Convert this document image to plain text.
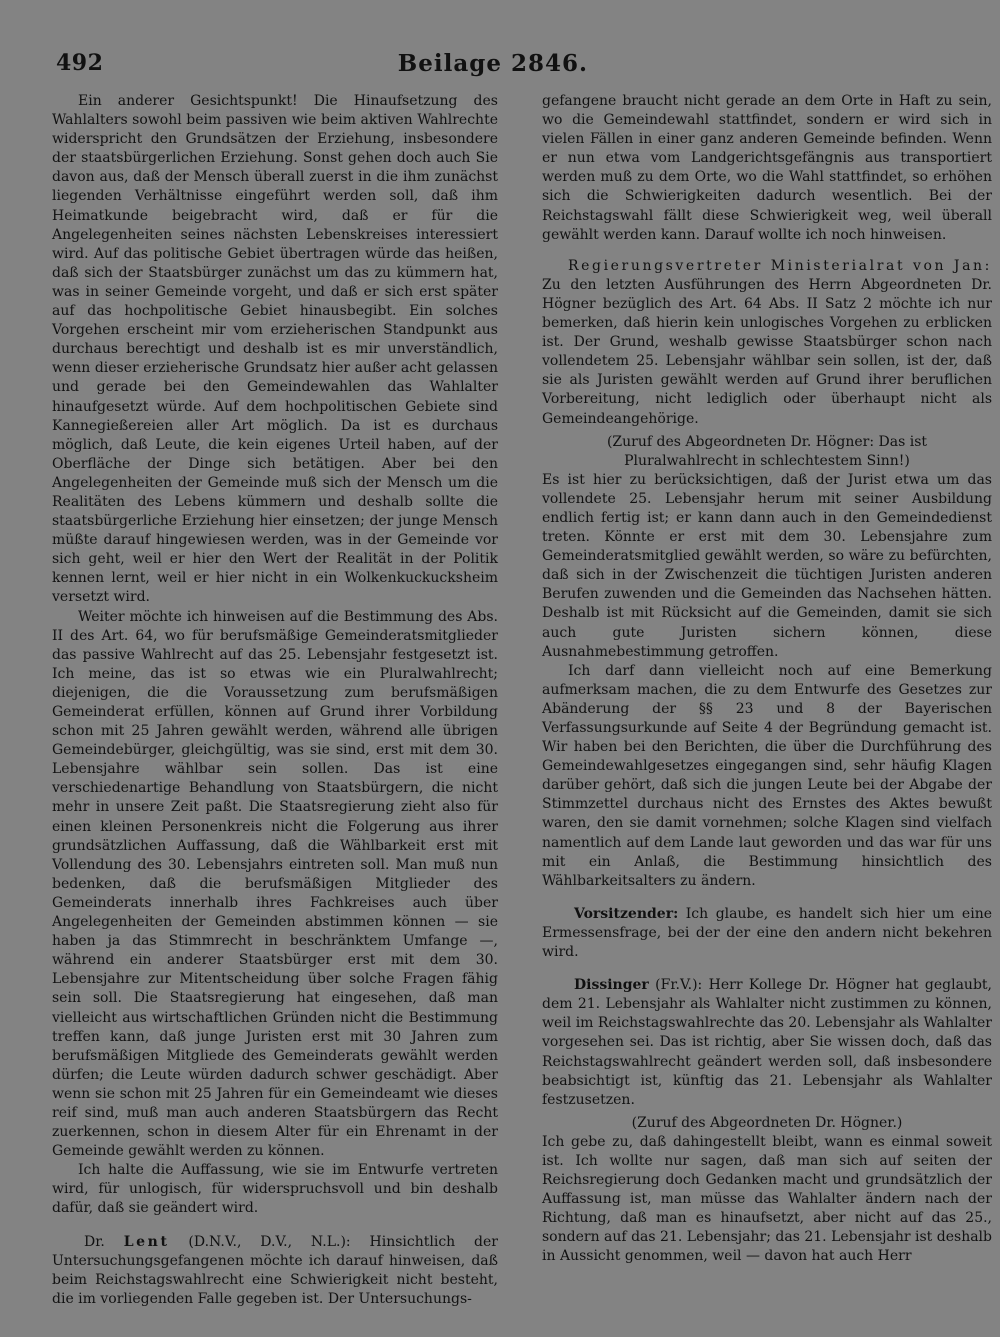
492	Beilage 2846.

Ein anderer Gesichtspunkt! Die Hinaufsetzung des Wahlalters sowohl beim passiven wie beim aktiven Wahlrechte widerspricht den Grundsätzen der Erziehung, insbesondere der staatsbürgerlichen Erziehung. Sonst gehen doch auch Sie davon aus, daß der Mensch überall zuerst in die ihm zunächst liegenden Verhältnisse eingeführt werden soll, daß ihm Heimatkunde beigebracht wird, daß er für die Angelegenheiten seines nächsten Lebenskreises interessiert wird. Auf das politische Gebiet übertragen würde das heißen, daß sich der Staatsbürger zunächst um das zu kümmern hat, was in seiner Gemeinde vorgeht, und daß er sich erst später auf das hochpolitische Gebiet hinausbegibt. Ein solches Vorgehen erscheint mir vom erzieherischen Standpunkt aus durchaus berechtigt und deshalb ist es mir unverständlich, wenn dieser erzieherische Grundsatz hier außer acht gelassen und gerade bei den Gemeindewahlen das Wahlalter hinaufgesetzt würde. Auf dem hochpolitischen Gebiete sind Kannegießereien aller Art möglich. Da ist es durchaus möglich, daß Leute, die kein eigenes Urteil haben, auf der Oberfläche der Dinge sich betätigen. Aber bei den Angelegenheiten der Gemeinde muß sich der Mensch um die Realitäten des Lebens kümmern und deshalb sollte die staatsbürgerliche Erziehung hier einsetzen; der junge Mensch müßte darauf hingewiesen werden, was in der Gemeinde vor sich geht, weil er hier den Wert der Realität in der Politik kennen lernt, weil er hier nicht in ein Wolkenkuckucksheim versetzt wird.

Weiter möchte ich hinweisen auf die Bestimmung des Abs. II des Art. 64, wo für berufsmäßige Gemeinderatsmitglieder das passive Wahlrecht auf das 25. Lebensjahr festgesetzt ist. Ich meine, das ist so etwas wie ein Pluralwahlrecht; diejenigen, die die Voraussetzung zum berufsmäßigen Gemeinderat erfüllen, können auf Grund ihrer Vorbildung schon mit 25 Jahren gewählt werden, während alle übrigen Gemeindebürger, gleichgültig, was sie sind, erst mit dem 30. Lebensjahre wählbar sein sollen. Das ist eine verschiedenartige Behandlung von Staatsbürgern, die nicht mehr in unsere Zeit paßt. Die Staatsregierung zieht also für einen kleinen Personenkreis nicht die Folgerung aus ihrer grundsätzlichen Auffassung, daß die Wählbarkeit erst mit Vollendung des 30. Lebensjahrs eintreten soll. Man muß nun bedenken, daß die berufsmäßigen Mitglieder des Gemeinderats innerhalb ihres Fachkreises auch über Angelegenheiten der Gemeinden abstimmen können — sie haben ja das Stimmrecht in beschränktem Umfange —, während ein anderer Staatsbürger erst mit dem 30. Lebensjahre zur Mitentscheidung über solche Fragen fähig sein soll. Die Staatsregierung hat eingesehen, daß man vielleicht aus wirtschaftlichen Gründen nicht die Bestimmung treffen kann, daß junge Juristen erst mit 30 Jahren zum berufsmäßigen Mitgliede des Gemeinderats gewählt werden dürfen; die Leute würden dadurch schwer geschädigt. Aber wenn sie schon mit 25 Jahren für ein Gemeindeamt wie dieses reif sind, muß man auch anderen Staatsbürgern das Recht zuerkennen, schon in diesem Alter für ein Ehrenamt in der Gemeinde gewählt werden zu können.

Ich halte die Auffassung, wie sie im Entwurfe vertreten wird, für unlogisch, für widerspruchsvoll und bin deshalb dafür, daß sie geändert wird.

Dr. Lent (D.N.V., D.V., N.L.): Hinsichtlich der Untersuchungsgefangenen möchte ich darauf hinweisen, daß beim Reichstagswahlrecht eine Schwierigkeit nicht besteht, die im vorliegenden Falle gegeben ist. Der Untersuchungs-

gefangene braucht nicht gerade an dem Orte in Haft zu sein, wo die Gemeindewahl stattfindet, sondern er wird sich in vielen Fällen in einer ganz anderen Gemeinde befinden. Wenn er nun etwa vom Landgerichtsgefängnis aus transportiert werden muß zu dem Orte, wo die Wahl stattfindet, so erhöhen sich die Schwierigkeiten dadurch wesentlich. Bei der Reichstagswahl fällt diese Schwierigkeit weg, weil überall gewählt werden kann. Darauf wollte ich noch hinweisen.

Regierungsvertreter Ministerialrat von Jan: Zu den letzten Ausführungen des Herrn Abgeordneten Dr. Högner bezüglich des Art. 64 Abs. II Satz 2 möchte ich nur bemerken, daß hierin kein unlogisches Vorgehen zu erblicken ist. Der Grund, weshalb gewisse Staatsbürger schon nach vollendetem 25. Lebensjahr wählbar sein sollen, ist der, daß sie als Juristen gewählt werden auf Grund ihrer beruflichen Vorbereitung, nicht lediglich oder überhaupt nicht als Gemeindeangehörige.

(Zuruf des Abgeordneten Dr. Högner: Das ist Pluralwahlrecht in schlechtestem Sinn!)

Es ist hier zu berücksichtigen, daß der Jurist etwa um das vollendete 25. Lebensjahr herum mit seiner Ausbildung endlich fertig ist; er kann dann auch in den Gemeindedienst treten. Könnte er erst mit dem 30. Lebensjahre zum Gemeinderatsmitglied gewählt werden, so wäre zu befürchten, daß sich in der Zwischenzeit die tüchtigen Juristen anderen Berufen zuwenden und die Gemeinden das Nachsehen hätten. Deshalb ist mit Rücksicht auf die Gemeinden, damit sie sich auch gute Juristen sichern können, diese Ausnahmebestimmung getroffen.

Ich darf dann vielleicht noch auf eine Bemerkung aufmerksam machen, die zu dem Entwurfe des Gesetzes zur Abänderung der §§ 23 und 8 der Bayerischen Verfassungsurkunde auf Seite 4 der Begründung gemacht ist. Wir haben bei den Berichten, die über die Durchführung des Gemeindewahlgesetzes eingegangen sind, sehr häufig Klagen darüber gehört, daß sich die jungen Leute bei der Abgabe der Stimmzettel durchaus nicht des Ernstes des Aktes bewußt waren, den sie damit vornehmen; solche Klagen sind vielfach namentlich auf dem Lande laut geworden und das war für uns mit ein Anlaß, die Bestimmung hinsichtlich des Wählbarkeitsalters zu ändern.

Vorsitzender: Ich glaube, es handelt sich hier um eine Ermessensfrage, bei der der eine den andern nicht bekehren wird.

Dissinger (Fr.V.): Herr Kollege Dr. Högner hat geglaubt, dem 21. Lebensjahr als Wahlalter nicht zustimmen zu können, weil im Reichstagswahlrechte das 20. Lebensjahr als Wahlalter vorgesehen sei. Das ist richtig, aber Sie wissen doch, daß das Reichstagswahlrecht geändert werden soll, daß insbesondere beabsichtigt ist, künftig das 21. Lebensjahr als Wahlalter festzusetzen.

(Zuruf des Abgeordneten Dr. Högner.)

Ich gebe zu, daß dahingestellt bleibt, wann es einmal soweit ist. Ich wollte nur sagen, daß man sich auf seiten der Reichsregierung doch Gedanken macht und grundsätzlich der Auffassung ist, man müsse das Wahlalter ändern nach der Richtung, daß man es hinaufsetzt, aber nicht auf das 25., sondern auf das 21. Lebensjahr; das 21. Lebensjahr ist deshalb in Aussicht genommen, weil — davon hat auch Herr
